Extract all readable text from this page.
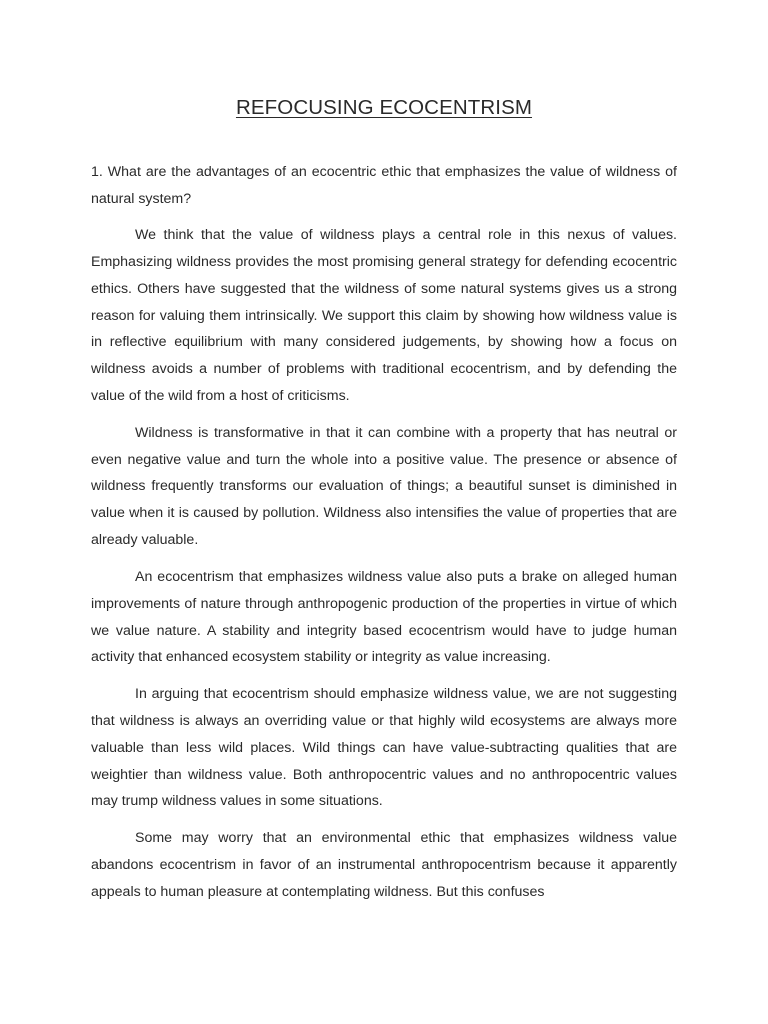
REFOCUSING ECOCENTRISM

1. What are the advantages of an ecocentric ethic that emphasizes the value of wildness of natural system?

We think that the value of wildness plays a central role in this nexus of values. Emphasizing wildness provides the most promising general strategy for defending ecocentric ethics. Others have suggested that the wildness of some natural systems gives us a strong reason for valuing them intrinsically. We support this claim by showing how wildness value is in reflective equilibrium with many considered judgements, by showing how a focus on wildness avoids a number of problems with traditional ecocentrism, and by defending the value of the wild from a host of criticisms.

Wildness is transformative in that it can combine with a property that has neutral or even negative value and turn the whole into a positive value. The presence or absence of wildness frequently transforms our evaluation of things; a beautiful sunset is diminished in value when it is caused by pollution. Wildness also intensifies the value of properties that are already valuable.

An ecocentrism that emphasizes wildness value also puts a brake on alleged human improvements of nature through anthropogenic production of the properties in virtue of which we value nature. A stability and integrity based ecocentrism would have to judge human activity that enhanced ecosystem stability or integrity as value increasing.

In arguing that ecocentrism should emphasize wildness value, we are not suggesting that wildness is always an overriding value or that highly wild ecosystems are always more valuable than less wild places. Wild things can have value-subtracting qualities that are weightier than wildness value. Both anthropocentric values and no anthropocentric values may trump wildness values in some situations.

Some may worry that an environmental ethic that emphasizes wildness value abandons ecocentrism in favor of an instrumental anthropocentrism because it apparently appeals to human pleasure at contemplating wildness. But this confuses
